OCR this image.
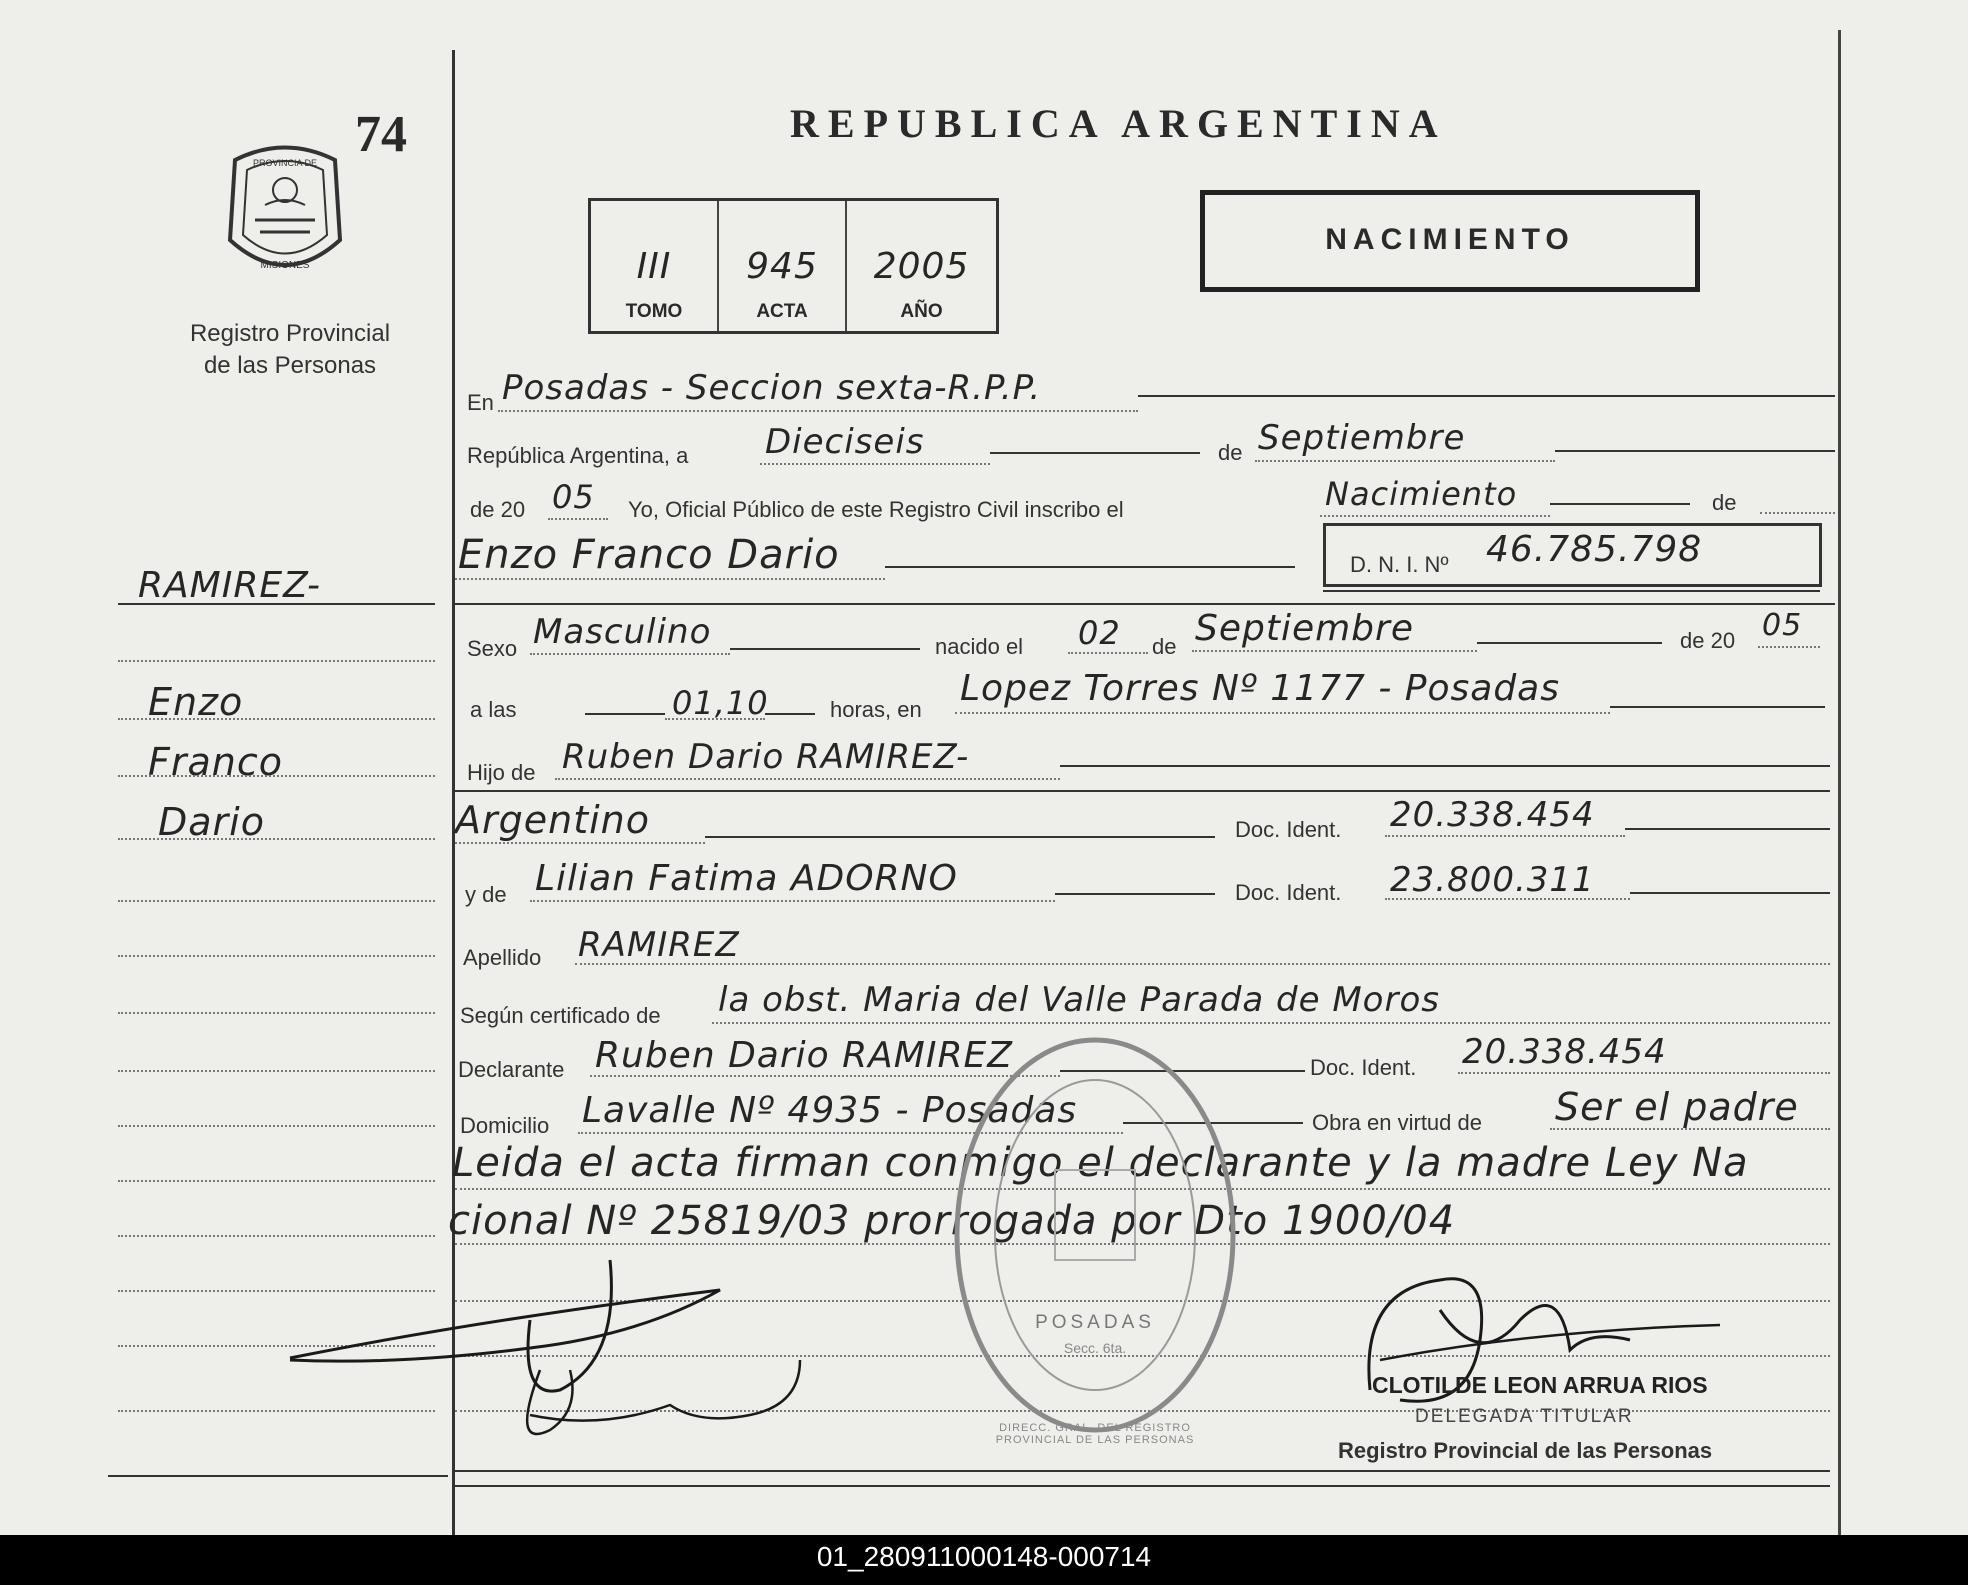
74
PROVINCIA DE
MISIONES
Registro Provincial
de las Personas
REPUBLICA ARGENTINA
III
TOMO
945
ACTA
2005
AÑO
NACIMIENTO
RAMIREZ-
Enzo
Franco
Dario
En Posadas - Seccion sexta-R.P.P.
República Argentina, a Dieciseis	de Septiembre
de 20 05 Yo, Oficial Público de este Registro Civil inscribo el	Nacimiento	de
Enzo Franco Dario	D. N. I. Nº 46.785.798
Sexo Masculino	nacido el 02 de Septiembre	de 20 05
a las	01,10	horas, en
Lopez Torres Nº 1177 - Posadas
Hijo de Ruben Dario RAMIREZ-
Argentino	Doc. Ident. 20.338.454
y de Lilian Fatima ADORNO	Doc. Ident. 23.800.311
Apellido RAMIREZ
Según certificado de la obst. Maria del Valle Parada de Moros
Declarante Ruben Dario RAMIREZ	Doc. Ident. 20.338.454
Domicilio Lavalle Nº 4935 - Posadas	Obra en virtud de Ser el padre
Leida el acta firman conmigo el declarante y la madre Ley Na
cional Nº 25819/03 prorrogada por Dto 1900/04
POSADAS
Secc. 6ta.
DIRECC. GRAL. DEL REGISTRO PROVINCIAL DE LAS PERSONAS
CLOTILDE LEON ARRUA RIOS
DELEGADA TITULAR
Registro Provincial de las Personas
01_280911000148-000714
